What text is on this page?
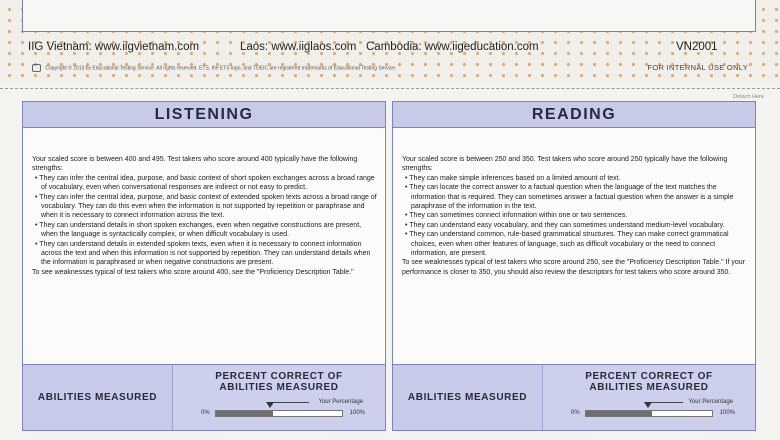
IIG Vietnam: www.iigvietnam.com	Laos: www.iiglaos.com Cambodia: www.iigeducation.com	VN2001
Copyright © 2013 by Educational Testing Service. All rights reserved. ETS, the ETS logo, and TOEIC are registered trademarks of Educational Testing Service.	FOR INTERNAL USE ONLY
Detach Here
LISTENING

Your scaled score is between 400 and 495. Test takers who score around 400 typically have the following strengths:

• They can infer the central idea, purpose, and basic context of short spoken exchanges across a broad range of vocabulary, even when conversational responses are indirect or not easy to predict.

• They can infer the central idea, purpose, and basic context of extended spoken texts across a broad range of vocabulary. They can do this even when the information is not supported by repetition or paraphrase and when it is necessary to connect information across the text.

• They can understand details in short spoken exchanges, even when negative constructions are present, when the language is syntactically complex, or when difficult vocabulary is used.

• They can understand details in extended spoken texts, even when it is necessary to connect information across the text and when this information is not supported by repetition. They can understand details when the information is paraphrased or when negative constructions are present.

To see weaknesses typical of test takers who score around 400, see the "Proficiency Description Table."

ABILITIES MEASURED
PERCENT CORRECT OF
ABILITIES MEASURED
Your Percentage
0%	100%
READING

Your scaled score is between 250 and 350. Test takers who score around 250 typically have the following strengths:

• They can make simple inferences based on a limited amount of text.

• They can locate the correct answer to a factual question when the language of the text matches the information that is required. They can sometimes answer a factual question when the answer is a simple paraphrase of the information in the text.

• They can sometimes connect information within one or two sentences.

• They can understand easy vocabulary, and they can sometimes understand medium-level vocabulary.

• They can understand common, rule-based grammatical structures. They can make correct grammatical choices, even when other features of language, such as difficult vocabulary or the need to connect information, are present.

To see weaknesses typical of test takers who score around 250, see the "Proficiency Description Table." If your performance is closer to 350, you should also review the descriptors for test takers who score around 350.

ABILITIES MEASURED
PERCENT CORRECT OF
ABILITIES MEASURED
Your Percentage
0%	100%
